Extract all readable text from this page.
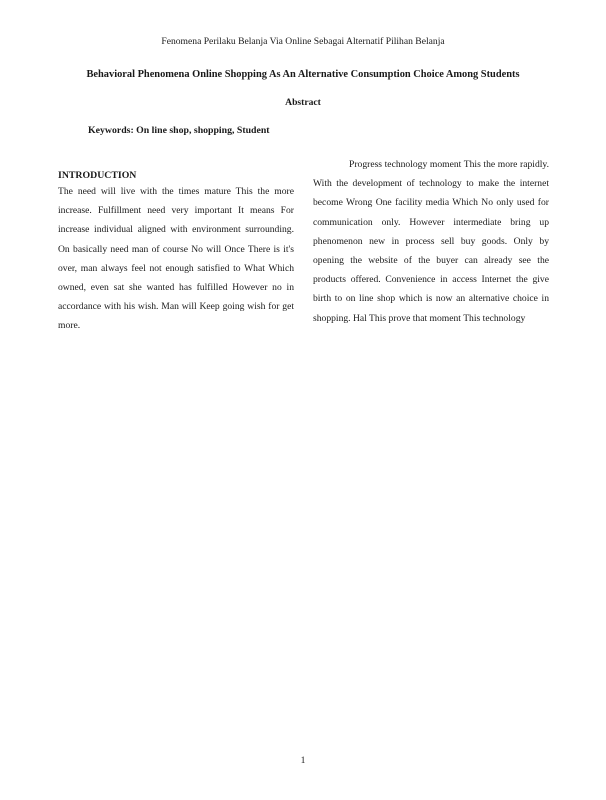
Fenomena Perilaku Belanja Via Online Sebagai Alternatif Pilihan Belanja
Behavioral Phenomena Online Shopping As An Alternative Consumption Choice Among Students
Abstract
Keywords: On line shop, shopping, Student
INTRODUCTION

The need will live with the times mature This the more increase. Fulfillment need very important It means For increase individual aligned with environment surrounding. On basically need man of course No will Once There is it's over, man always feel not enough satisfied to What Which owned, even sat she wanted has fulfilled However no in accordance with his wish. Man will Keep going wish for get more.

Progress technology moment This the more rapidly. With the development of technology to make the internet become Wrong One facility media Which No only used for communication only. However intermediate bring up phenomenon new in process sell buy goods. Only by opening the website of the buyer can already see the products offered. Convenience in access Internet the give birth to on line shop which is now an alternative choice in shopping. Hal This prove that moment This technology

1
